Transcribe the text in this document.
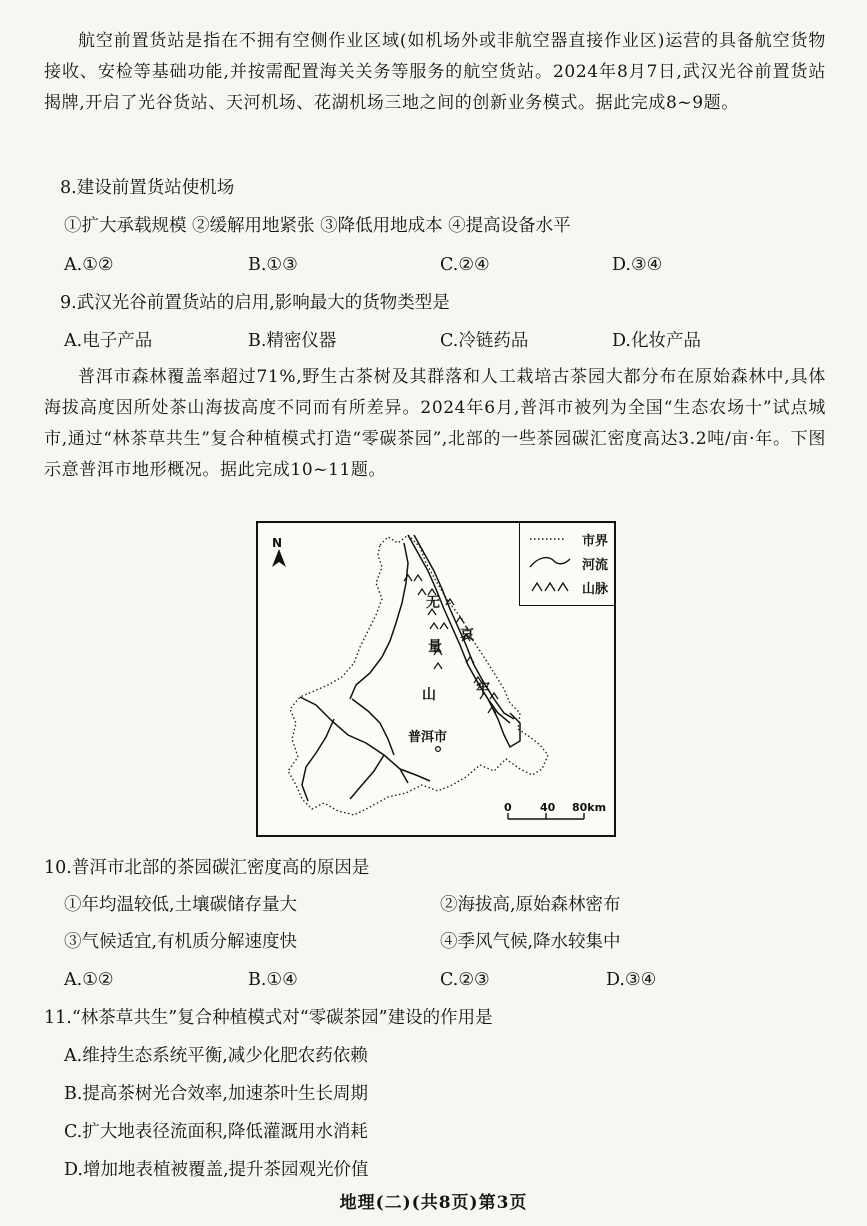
航空前置货站是指在不拥有空侧作业区域(如机场外或非航空器直接作业区)运营的具备航空货物接收、安检等基础功能,并按需配置海关关务等服务的航空货站。2024年8月7日,武汉光谷前置货站揭牌,开启了光谷货站、天河机场、花湖机场三地之间的创新业务模式。据此完成8~9题。

8.建设前置货站使机场

①扩大承载规模 ②缓解用地紧张 ③降低用地成本 ④提高设备水平

A.①②	B.①③	C.②④	D.③④

9.武汉光谷前置货站的启用,影响最大的货物类型是

A.电子产品	B.精密仪器	C.冷链药品	D.化妆产品

普洱市森林覆盖率超过71%,野生古茶树及其群落和人工栽培古茶园大都分布在原始森林中,具体海拔高度因所处茶山海拔高度不同而有所差异。2024年6月,普洱市被列为全国“生态农场十”试点城市,通过“林茶草共生”复合种植模式打造“零碳茶园”,北部的一些茶园碳汇密度高达3.2吨/亩·年。下图示意普洱市地形概况。据此完成10~11题。

无
量
山
哀
牢
N
普洱市
0	40 80km
市界
河流
山脉

10.普洱市北部的茶园碳汇密度高的原因是

①年均温较低,土壤碳储存量大	②海拔高,原始森林密布

③气候适宜,有机质分解速度快	④季风气候,降水较集中

A.①②	B.①④	C.②③	D.③④

11.“林茶草共生”复合种植模式对“零碳茶园”建设的作用是

A.维持生态系统平衡,减少化肥农药依赖

B.提高茶树光合效率,加速茶叶生长周期

C.扩大地表径流面积,降低灌溉用水消耗

D.增加地表植被覆盖,提升茶园观光价值

地理(二)(共8页)第3页
